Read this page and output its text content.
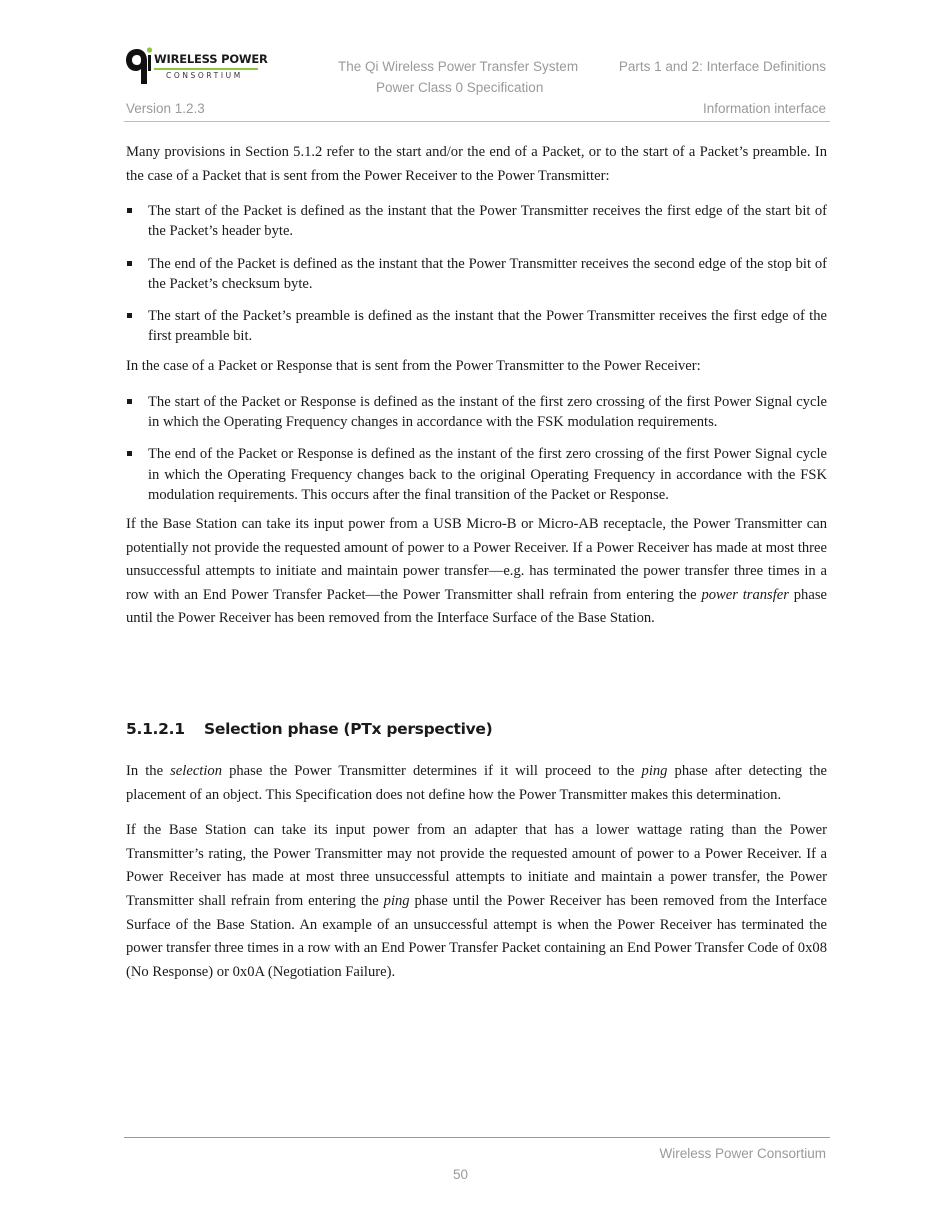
WIRELESS POWER
CONSORTIUM
The Qi Wireless Power Transfer System	Parts 1 and 2: Interface Definitions
Power Class 0 Specification
Version 1.2.3	Information interface

Many provisions in Section 5.1.2 refer to the start and/or the end of a Packet, or to the start of a Packet’s preamble. In the case of a Packet that is sent from the Power Receiver to the Power Transmitter:

The start of the Packet is defined as the instant that the Power Transmitter receives the first edge of the start bit of the Packet’s header byte.
The end of the Packet is defined as the instant that the Power Transmitter receives the second edge of the stop bit of the Packet’s checksum byte.
The start of the Packet’s preamble is defined as the instant that the Power Transmitter receives the first edge of the first preamble bit.

In the case of a Packet or Response that is sent from the Power Transmitter to the Power Receiver:

The start of the Packet or Response is defined as the instant of the first zero crossing of the first Power Signal cycle in which the Operating Frequency changes in accordance with the FSK modulation requirements.
The end of the Packet or Response is defined as the instant of the first zero crossing of the first Power Signal cycle in which the Operating Frequency changes back to the original Operating Frequency in accordance with the FSK modulation requirements. This occurs after the final transition of the Packet or Response.

If the Base Station can take its input power from a USB Micro-B or Micro-AB receptacle, the Power Transmitter can potentially not provide the requested amount of power to a Power Receiver. If a Power Receiver has made at most three unsuccessful attempts to initiate and maintain power transfer—e.g. has terminated the power transfer three times in a row with an End Power Transfer Packet—the Power Transmitter shall refrain from entering the power transfer phase until the Power Receiver has been removed from the Interface Surface of the Base Station.

5.1.2.1 Selection phase (PTx perspective)

In the selection phase the Power Transmitter determines if it will proceed to the ping phase after detecting the placement of an object. This Specification does not define how the Power Transmitter makes this determination.

If the Base Station can take its input power from an adapter that has a lower wattage rating than the Power Transmitter’s rating, the Power Transmitter may not provide the requested amount of power to a Power Receiver. If a Power Receiver has made at most three unsuccessful attempts to initiate and maintain a power transfer, the Power Transmitter shall refrain from entering the ping phase until the Power Receiver has been removed from the Interface Surface of the Base Station. An example of an unsuccessful attempt is when the Power Receiver has terminated the power transfer three times in a row with an End Power Transfer Packet containing an End Power Transfer Code of 0x08 (No Response) or 0x0A (Negotiation Failure).

Wireless Power Consortium
50
